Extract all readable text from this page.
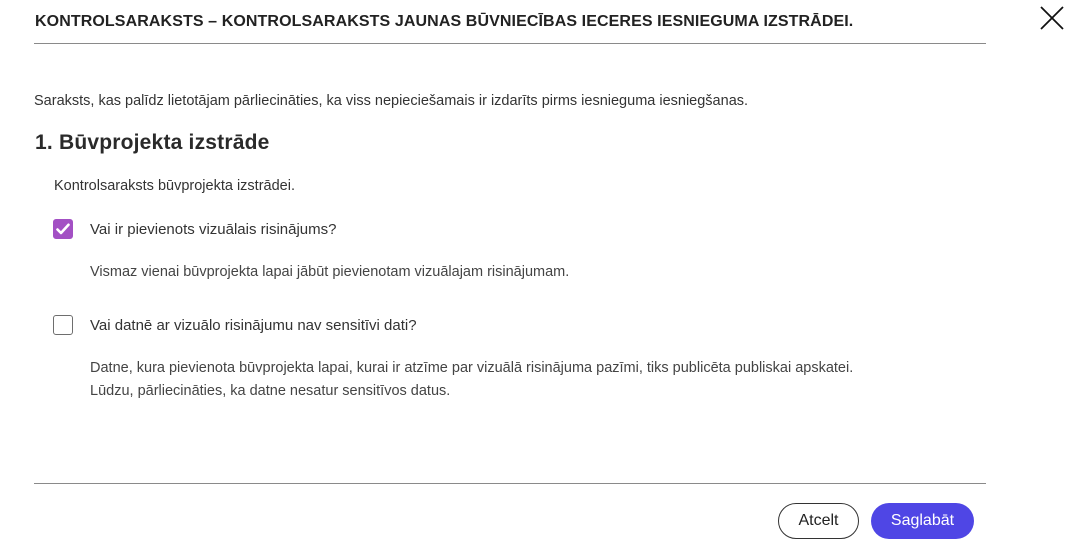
KONTROLSARAKSTS – KONTROLSARAKSTS JAUNAS BŪVNIECĪBAS IECERES IESNIEGUMA IZSTRĀDEI.
Saraksts, kas palīdz lietotājam pārliecināties, ka viss nepieciešamais ir izdarīts pirms iesnieguma iesniegšanas.
1. Būvprojekta izstrāde
Kontrolsaraksts būvprojekta izstrādei.
Vai ir pievienots vizuālais risinājums?
Vismaz vienai būvprojekta lapai jābūt pievienotam vizuālajam risinājumam.
Vai datnē ar vizuālo risinājumu nav sensitīvi dati?
Datne, kura pievienota būvprojekta lapai, kurai ir atzīme par vizuālā risinājuma pazīmi, tiks publicēta publiskai apskatei.
Lūdzu, pārliecināties, ka datne nesatur sensitīvos datus.
Atcelt	Saglabāt
